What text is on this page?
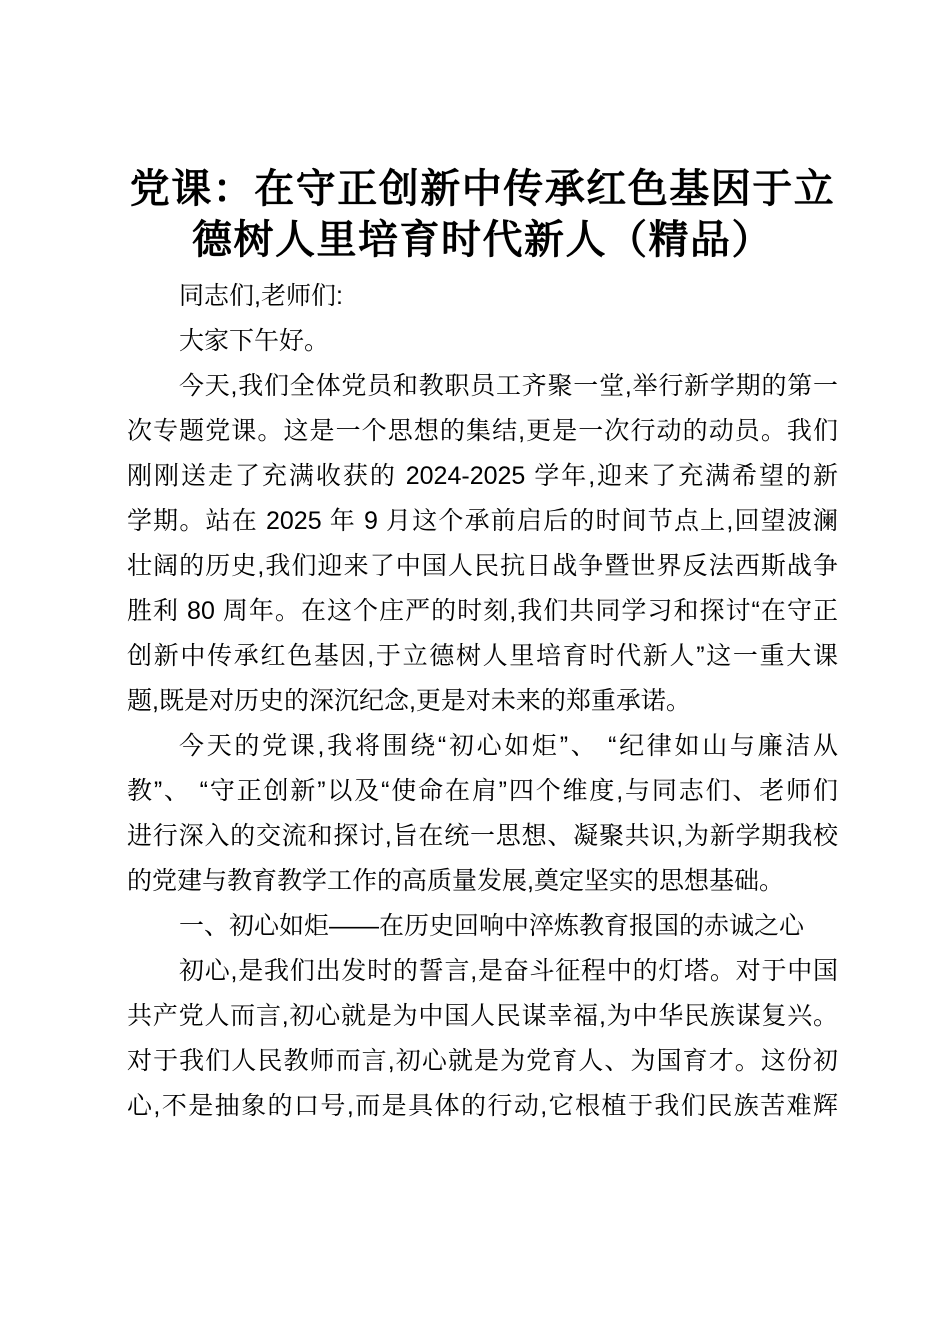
党课：在守正创新中传承红色基因于立
德树人里培育时代新人（精品）
同志们,老师们:
大家下午好。
今天,我们全体党员和教职员工齐聚一堂,举行新学期的第一
次专题党课。这是一个思想的集结,更是一次行动的动员。我们
刚刚送走了充满收获的 2024-2025 学年,迎来了充满希望的新
学期。站在 2025 年 9 月这个承前启后的时间节点上,回望波澜
壮阔的历史,我们迎来了中国人民抗日战争暨世界反法西斯战争
胜利 80 周年。在这个庄严的时刻,我们共同学习和探讨“在守正
创新中传承红色基因,于立德树人里培育时代新人”这一重大课
题,既是对历史的深沉纪念,更是对未来的郑重承诺。
今天的党课,我将围绕“初心如炬”、 “纪律如山与廉洁从
教”、 “守正创新”以及“使命在肩”四个维度,与同志们、老师们
进行深入的交流和探讨,旨在统一思想、凝聚共识,为新学期我校
的党建与教育教学工作的高质量发展,奠定坚实的思想基础。
一、初心如炬——在历史回响中淬炼教育报国的赤诚之心
初心,是我们出发时的誓言,是奋斗征程中的灯塔。对于中国
共产党人而言,初心就是为中国人民谋幸福,为中华民族谋复兴。
对于我们人民教师而言,初心就是为党育人、为国育才。这份初
心,不是抽象的口号,而是具体的行动,它根植于我们民族苦难辉
